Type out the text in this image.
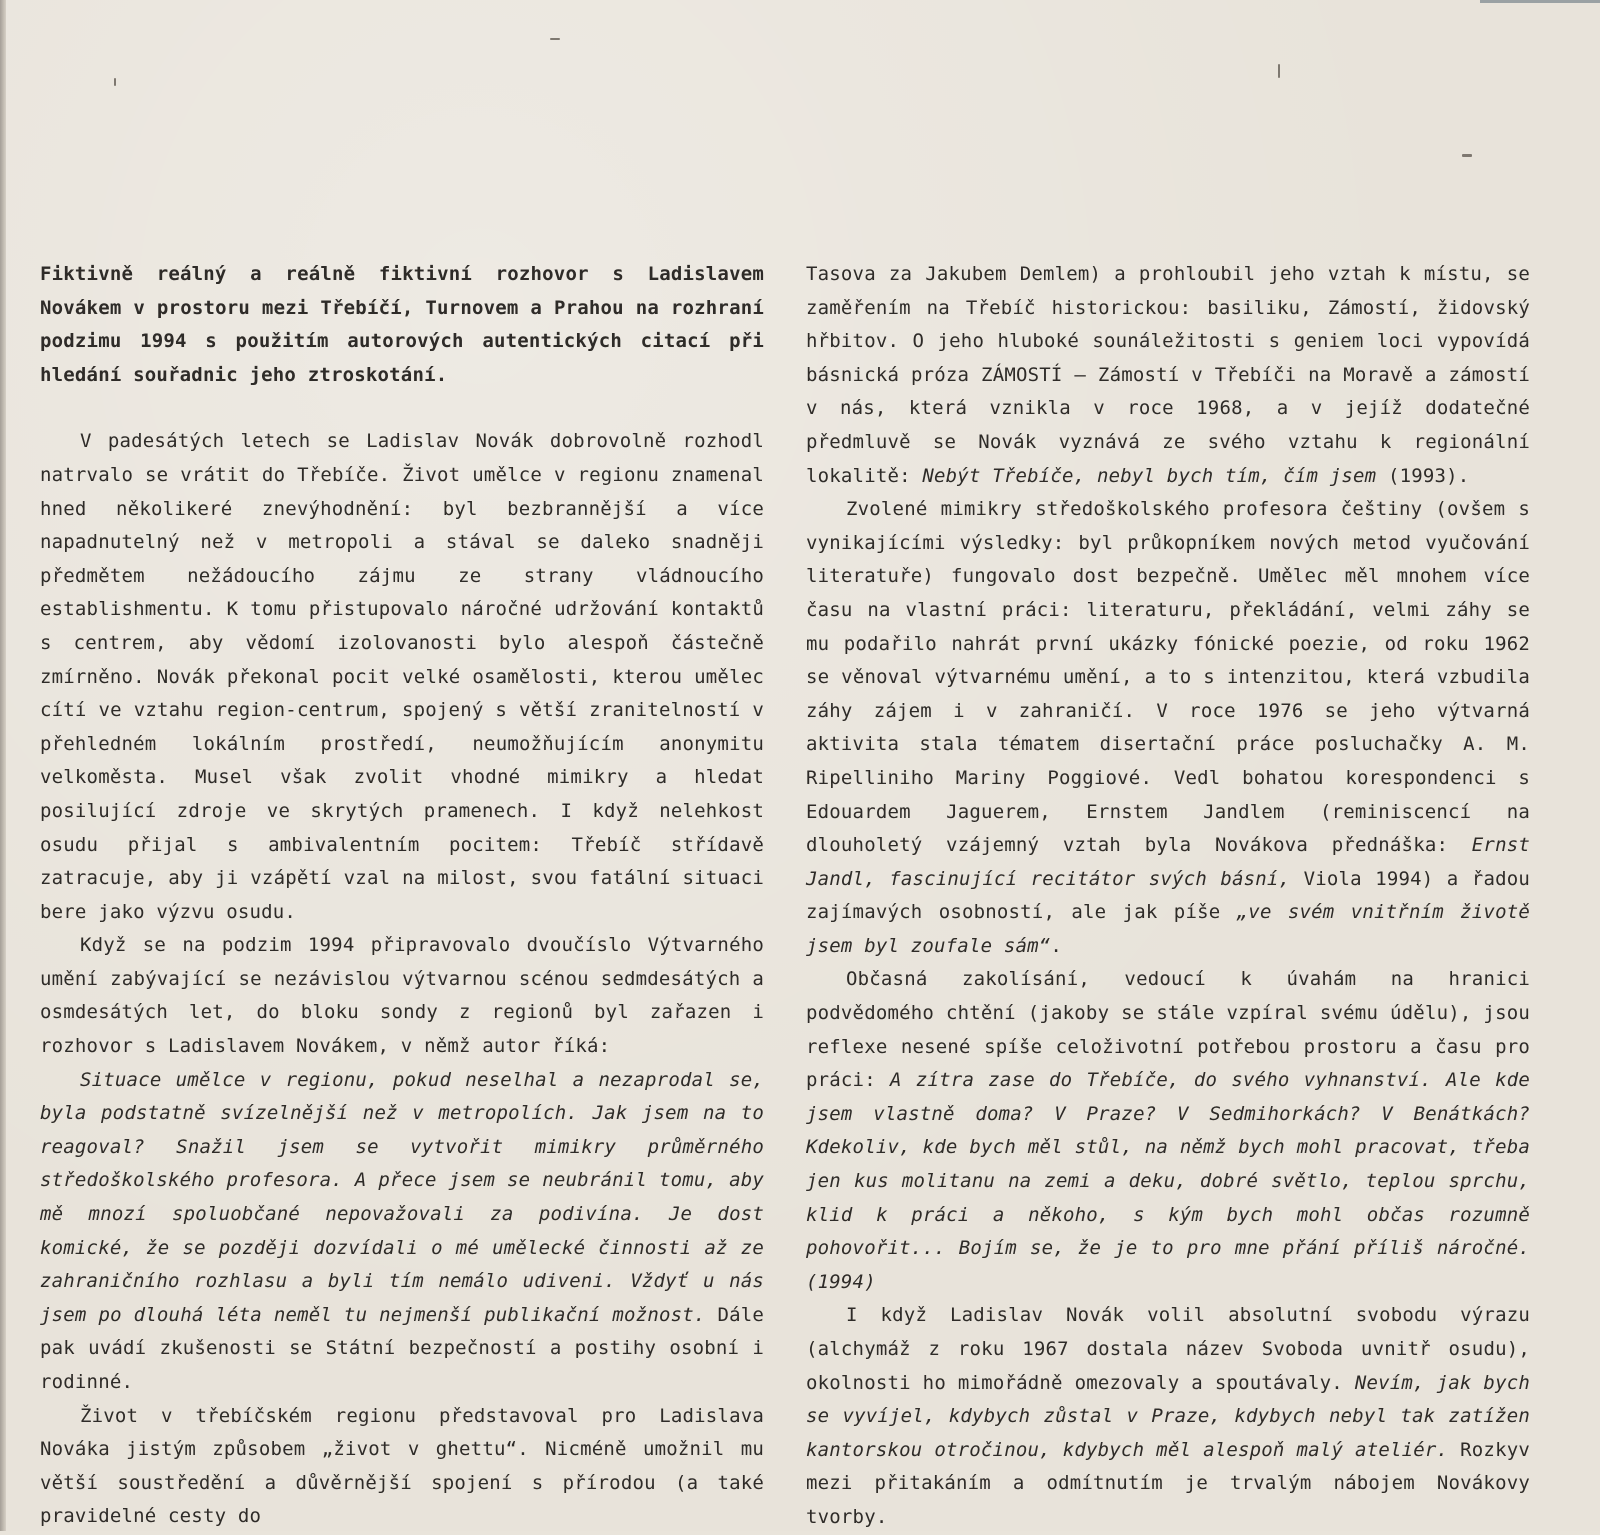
Fiktivně reálný a reálně fiktivní rozhovor s Ladislavem Novákem v prostoru mezi Třebíčí, Turnovem a Prahou na rozhraní podzimu 1994 s použitím autorových autentických citací při hledání souřadnic jeho ztroskotání.

V padesátých letech se Ladislav Novák dobrovolně rozhodl natrvalo se vrátit do Třebíče. Život umělce v regionu znamenal hned několikeré znevýhodnění: byl bezbrannější a více napadnutelný než v metropoli a stával se daleko snadněji předmětem nežádoucího zájmu ze strany vládnoucího establishmentu. K tomu přistupovalo náročné udržování kontaktů s centrem, aby vědomí izolovanosti bylo alespoň částečně zmírněno. Novák překonal pocit velké osamělosti, kterou umělec cítí ve vztahu region-centrum, spojený s větší zranitelností v přehledném lokálním prostředí, neumožňujícím anonymitu velkoměsta. Musel však zvolit vhodné mimikry a hledat posilující zdroje ve skrytých pramenech. I když nelehkost osudu přijal s ambivalentním pocitem: Třebíč střídavě zatracuje, aby ji vzápětí vzal na milost, svou fatální situaci bere jako výzvu osudu.

Když se na podzim 1994 připravovalo dvoučíslo Výtvarného umění zabývající se nezávislou výtvarnou scénou sedmdesátých a osmdesátých let, do bloku sondy z regionů byl zařazen i rozhovor s Ladislavem Novákem, v němž autor říká:

Situace umělce v regionu, pokud neselhal a nezaprodal se, byla podstatně svízelnější než v metropolích. Jak jsem na to reagoval? Snažil jsem se vytvořit mimikry průměrného středoškolského profesora. A přece jsem se neubránil tomu, aby mě mnozí spoluobčané nepovažovali za podivína. Je dost komické, že se později dozvídali o mé umělecké činnosti až ze zahraničního rozhlasu a byli tím nemálo udiveni. Vždyť u nás jsem po dlouhá léta neměl tu nejmenší publikační možnost. Dále pak uvádí zkušenosti se Státní bezpečností a postihy osobní i rodinné.

Život v třebíčském regionu představoval pro Ladislava Nováka jistým způsobem „život v ghettu“. Nicméně umožnil mu větší soustředění a důvěrnější spojení s přírodou (a také pravidelné cesty do

Tasova za Jakubem Demlem) a prohloubil jeho vztah k místu, se zaměřením na Třebíč historickou: basiliku, Zámostí, židovský hřbitov. O jeho hluboké sounáležitosti s geniem loci vypovídá básnická próza ZÁMOSTÍ – Zámostí v Třebíči na Moravě a zámostí v nás, která vznikla v roce 1968, a v jejíž dodatečné předmluvě se Novák vyznává ze svého vztahu k regionální lokalitě: Nebýt Třebíče, nebyl bych tím, čím jsem (1993).

Zvolené mimikry středoškolského profesora češtiny (ovšem s vynikajícími výsledky: byl průkopníkem nových metod vyučování literatuře) fungovalo dost bezpečně. Umělec měl mnohem více času na vlastní práci: literaturu, překládání, velmi záhy se mu podařilo nahrát první ukázky fónické poezie, od roku 1962 se věnoval výtvarnému umění, a to s intenzitou, která vzbudila záhy zájem i v zahraničí. V roce 1976 se jeho výtvarná aktivita stala tématem disertační práce posluchačky A. M. Ripelliniho Mariny Poggiové. Vedl bohatou korespondenci s Edouardem Jaguerem, Ernstem Jandlem (reminiscencí na dlouholetý vzájemný vztah byla Novákova přednáška: Ernst Jandl, fascinující recitátor svých básní, Viola 1994) a řadou zajímavých osobností, ale jak píše „ve svém vnitřním životě jsem byl zoufale sám“.

Občasná zakolísání, vedoucí k úvahám na hranici podvědomého chtění (jakoby se stále vzpíral svému údělu), jsou reflexe nesené spíše celoživotní potřebou prostoru a času pro práci: A zítra zase do Třebíče, do svého vyhnanství. Ale kde jsem vlastně doma? V Praze? V Sedmihorkách? V Benátkách? Kdekoliv, kde bych měl stůl, na němž bych mohl pracovat, třeba jen kus molitanu na zemi a deku, dobré světlo, teplou sprchu, klid k práci a někoho, s kým bych mohl občas rozumně pohovořit... Bojím se, že je to pro mne přání příliš náročné. (1994)

I když Ladislav Novák volil absolutní svobodu výrazu (alchymáž z roku 1967 dostala název Svoboda uvnitř osudu), okolnosti ho mimořádně omezovaly a spoutávaly. Nevím, jak bych se vyvíjel, kdybych zůstal v Praze, kdybych nebyl tak zatížen kantorskou otročinou, kdybych měl alespoň malý ateliér. Rozkyv mezi přitakáním a odmítnutím je trvalým nábojem Novákovy tvorby.
